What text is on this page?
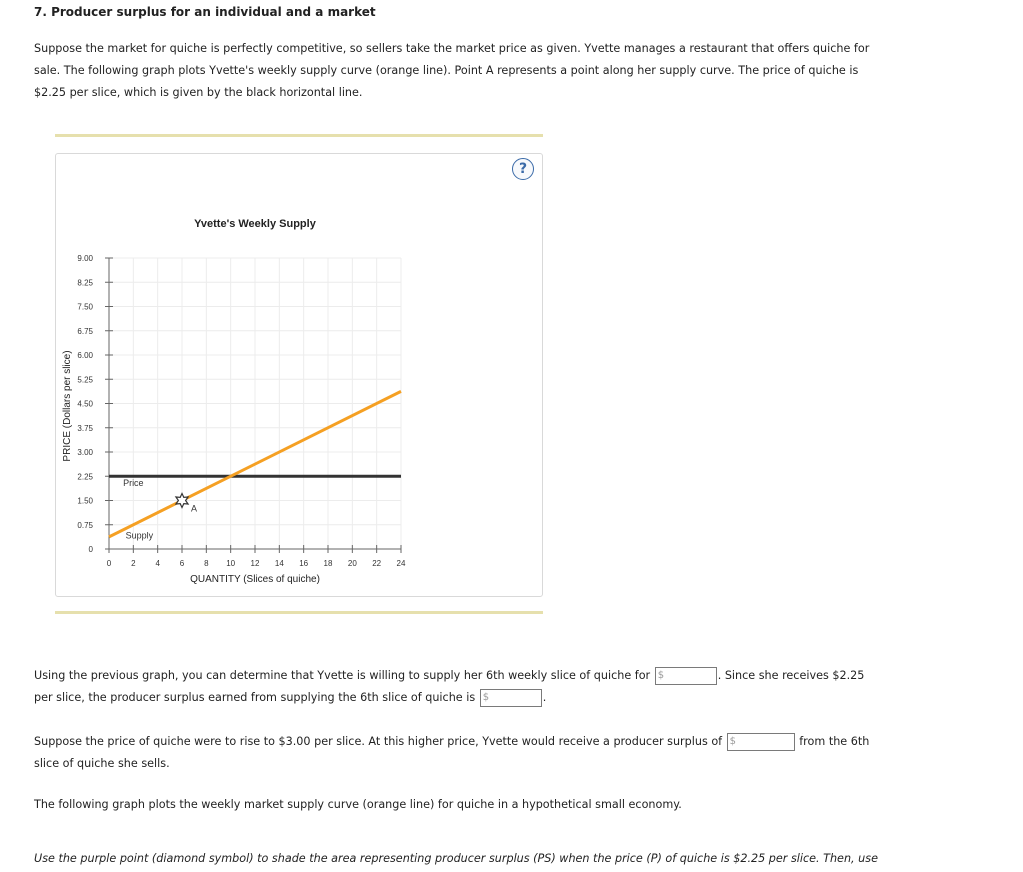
7. Producer surplus for an individual and a market

Suppose the market for quiche is perfectly competitive, so sellers take the market price as given. Yvette manages a restaurant that offers quiche for
sale. The following graph plots Yvette's weekly supply curve (orange line). Point A represents a point along her supply curve. The price of quiche is
$2.25 per slice, which is given by the black horizontal line.

?
0
0.75
1.50
2.25
3.00
3.75
4.50
5.25
6.00
6.75
7.50
8.25
9.00
0 2 4 6 8 10 12 14 16 18 20 22 24
Yvette's Weekly Supply
QUANTITY (Slices of quiche)
PRICE (Dollars per slice)
A
Price
Supply

Using the previous graph, you can determine that Yvette is willing to supply her 6th weekly slice of quiche for $	. Since she receives $2.25
per slice, the producer surplus earned from supplying the 6th slice of quiche is $	.

Suppose the price of quiche were to rise to $3.00 per slice. At this higher price, Yvette would receive a producer surplus of $	from the 6th
slice of quiche she sells.

The following graph plots the weekly market supply curve (orange line) for quiche in a hypothetical small economy.

Use the purple point (diamond symbol) to shade the area representing producer surplus (PS) when the price (P) of quiche is $2.25 per slice. Then, use
